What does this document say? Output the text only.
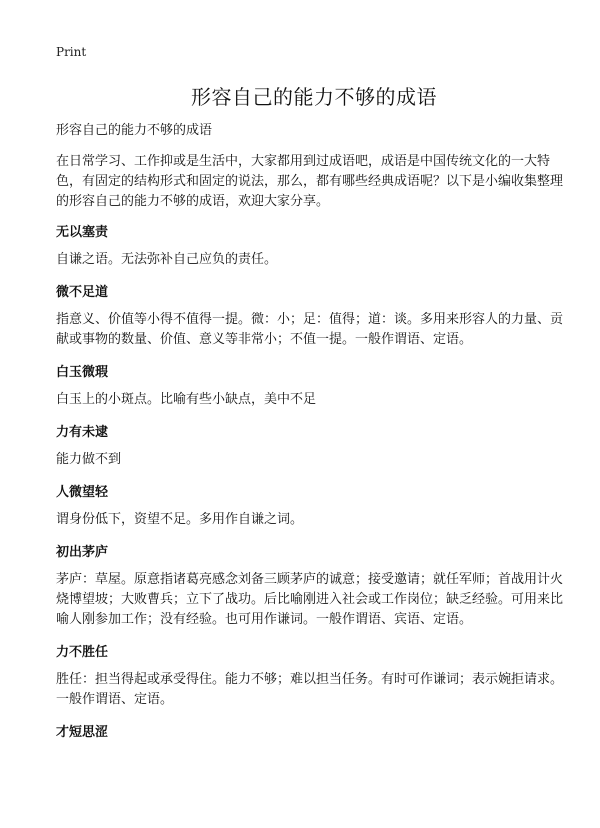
Print
形容自己的能力不够的成语
形容自己的能力不够的成语

在日常学习、工作抑或是生活中，大家都用到过成语吧，成语是中国传统文化的一大特色，有固定的结构形式和固定的说法，那么，都有哪些经典成语呢？以下是小编收集整理的形容自己的能力不够的成语，欢迎大家分享。

无以塞责

自谦之语。无法弥补自己应负的责任。

微不足道

指意义、价值等小得不值得一提。微：小；足：值得；道：谈。多用来形容人的力量、贡献或事物的数量、价值、意义等非常小；不值一提。一般作谓语、定语。

白玉微瑕

白玉上的小斑点。比喻有些小缺点，美中不足

力有未逮

能力做不到

人微望轻

谓身份低下，资望不足。多用作自谦之词。

初出茅庐

茅庐：草屋。原意指诸葛亮感念刘备三顾茅庐的诚意；接受邀请；就任军师；首战用计火烧博望坡；大败曹兵；立下了战功。后比喻刚进入社会或工作岗位；缺乏经验。可用来比喻人刚参加工作；没有经验。也可用作谦词。一般作谓语、宾语、定语。

力不胜任

胜任：担当得起或承受得住。能力不够；难以担当任务。有时可作谦词；表示婉拒请求。一般作谓语、定语。

才短思涩
